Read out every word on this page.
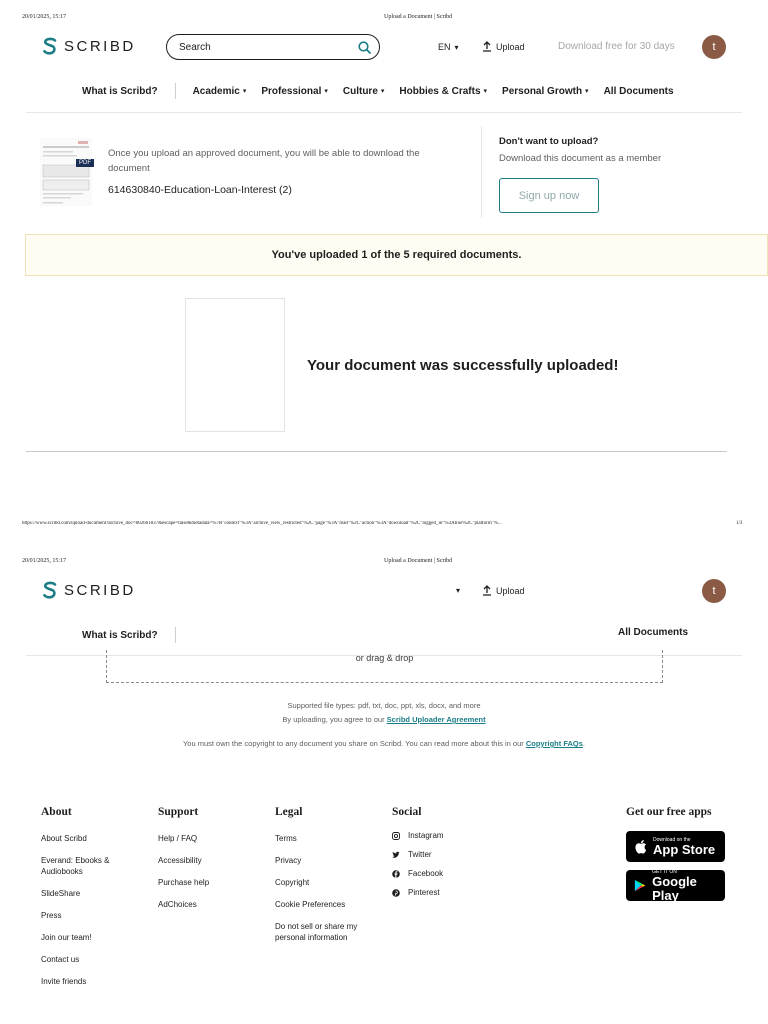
20/01/2025, 15:17	Upload a Document | Scribd
SCRIBD
Search	EN ▾	Upload	Download free for 30 days	t
What is Scribd?	Academic ▾ Professional ▾ Culture ▾ Hobbies & Crafts ▾ Personal Growth ▾ All Documents
PDF
Once you upload an approved document, you will be able to download the document
614630840-Education-Loan-Interest (2)
Don't want to upload?
Download this document as a member
Sign up now
You've uploaded 1 of the 5 required documents.
Your document was successfully uploaded!
https://www.scribd.com/upload-document?archive_doc=802661837&escape=false&metadata=%7B"context"%3A"archive_view_restricted"%2C"page"%3A"read"%2C"action"%3A"download"%2C"logged_in"%3Atrue%2C"platform"%...	1/3
20/01/2025, 15:17	Upload a Document | Scribd
SCRIBD	▾	Upload	t
What is Scribd?	All Documents
or drag & drop
Supported file types: pdf, txt, doc, ppt, xls, docx, and more
By uploading, you agree to our Scribd Uploader Agreement
You must own the copyright to any document you share on Scribd. You can read more about this in our Copyright FAQs.
About
About Scribd
Everand: Ebooks & Audiobooks
SlideShare
Press
Join our team!
Contact us
Invite friends
Support
Help / FAQ
Accessibility
Purchase help
AdChoices
Legal
Terms
Privacy
Copyright
Cookie Preferences
Do not sell or share my personal information
Social
Instagram
Twitter
Facebook
Pinterest
Get our free apps
Download on the
App Store
GET IT ON
Google Play
